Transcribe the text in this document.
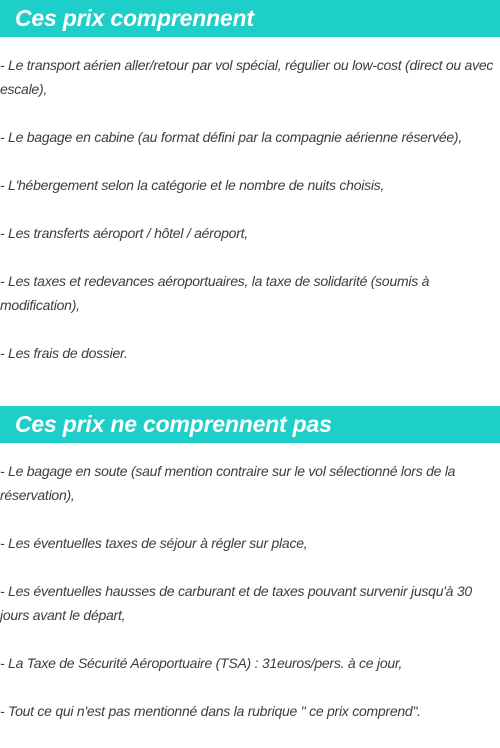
Ces prix comprennent
- Le transport aérien aller/retour par vol spécial, régulier ou low-cost (direct ou avec escale),
- Le bagage en cabine (au format défini par la compagnie aérienne réservée),
- L'hébergement selon la catégorie et le nombre de nuits choisis,
- Les transferts aéroport / hôtel / aéroport,
- Les taxes et redevances aéroportuaires, la taxe de solidarité (soumis à modification),
- Les frais de dossier.
Ces prix ne comprennent pas
- Le bagage en soute (sauf mention contraire sur le vol sélectionné lors de la réservation),
- Les éventuelles taxes de séjour à régler sur place,
- Les éventuelles hausses de carburant et de taxes pouvant survenir jusqu'à 30 jours avant le départ,
- La Taxe de Sécurité Aéroportuaire (TSA) : 31euros/pers. à ce jour,
- Tout ce qui n'est pas mentionné dans la rubrique " ce prix comprend".
